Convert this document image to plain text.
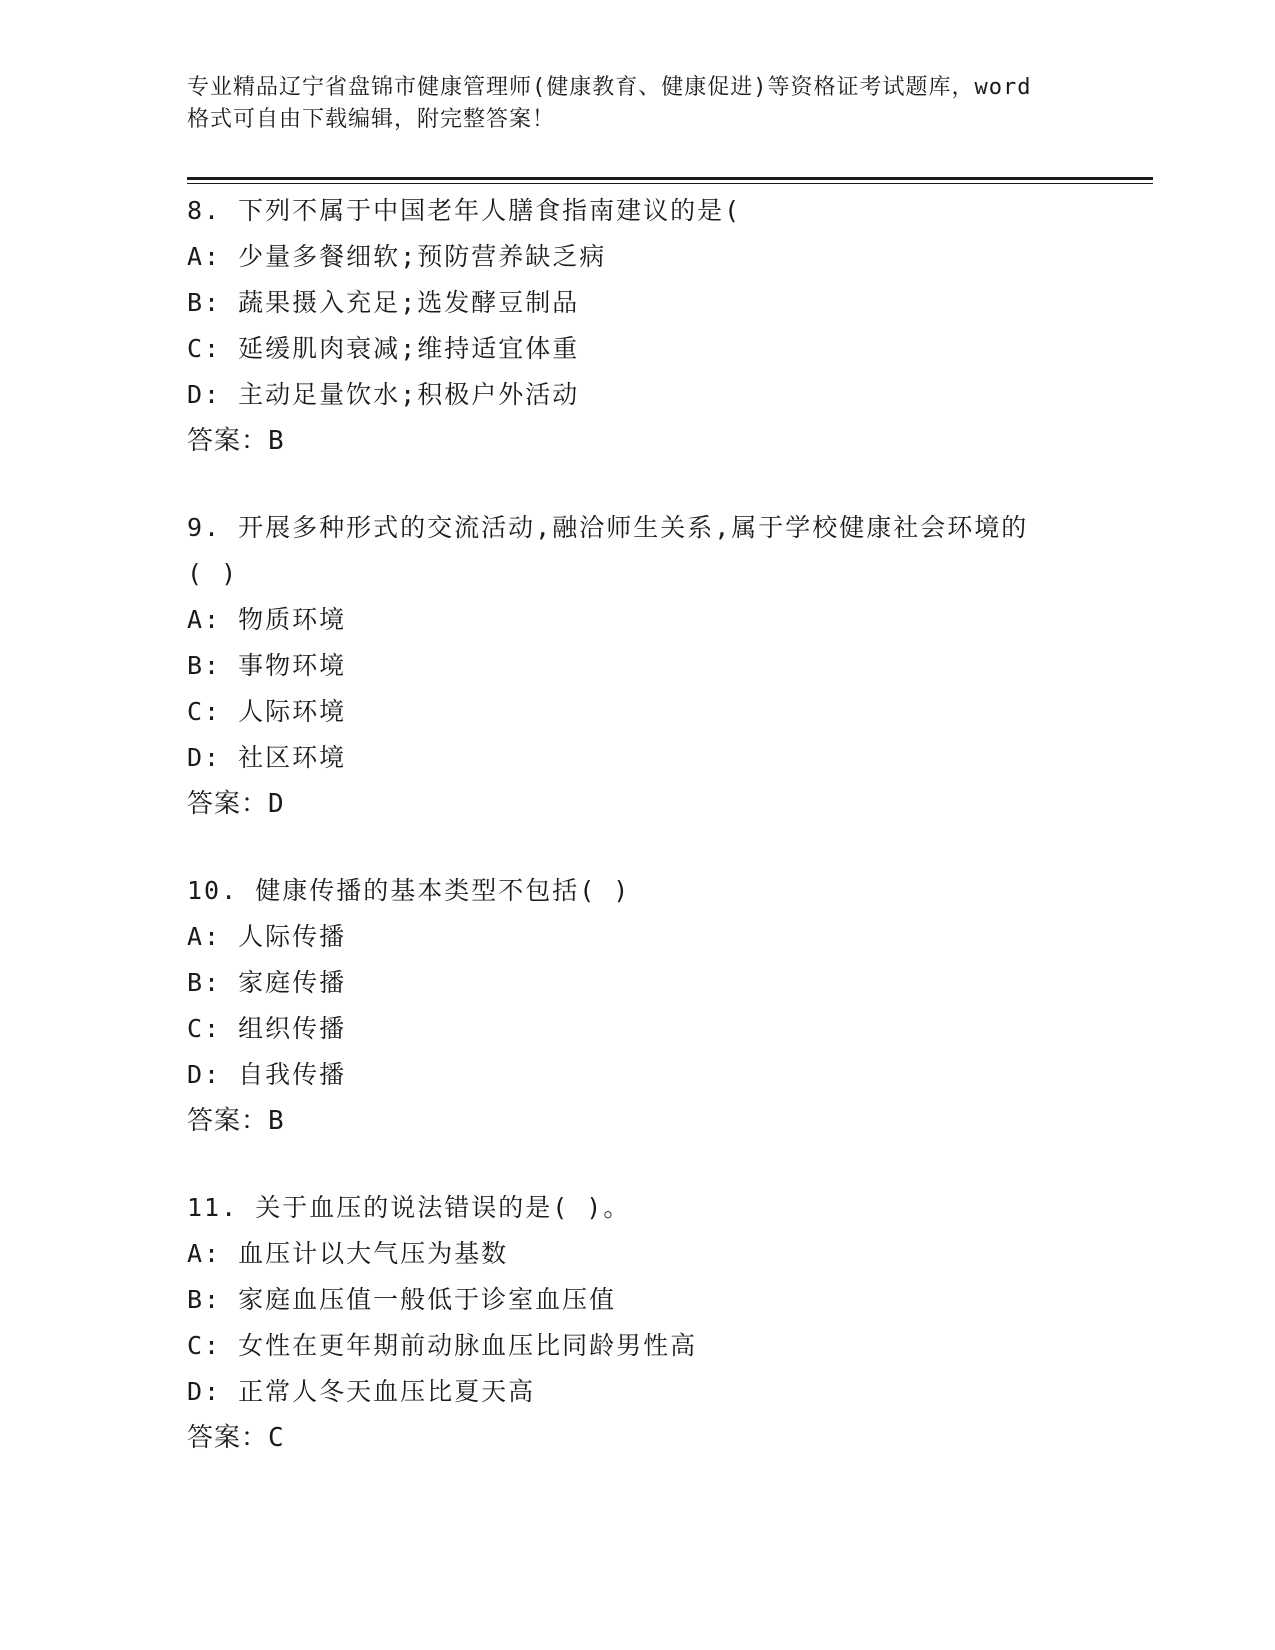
专业精品辽宁省盘锦市健康管理师(健康教育、健康促进)等资格证考试题库，word
格式可自由下载编辑，附完整答案！
8. 下列不属于中国老年人膳食指南建议的是(
A: 少量多餐细软;预防营养缺乏病
B: 蔬果摄入充足;选发酵豆制品
C: 延缓肌肉衰减;维持适宜体重
D: 主动足量饮水;积极户外活动
答案：B
9. 开展多种形式的交流活动,融洽师生关系,属于学校健康社会环境的
( )
A: 物质环境
B: 事物环境
C: 人际环境
D: 社区环境
答案：D
10. 健康传播的基本类型不包括( )
A: 人际传播
B: 家庭传播
C: 组织传播
D: 自我传播
答案：B
11. 关于血压的说法错误的是( )。
A: 血压计以大气压为基数
B: 家庭血压值一般低于诊室血压值
C: 女性在更年期前动脉血压比同龄男性高
D: 正常人冬天血压比夏天高
答案：C
